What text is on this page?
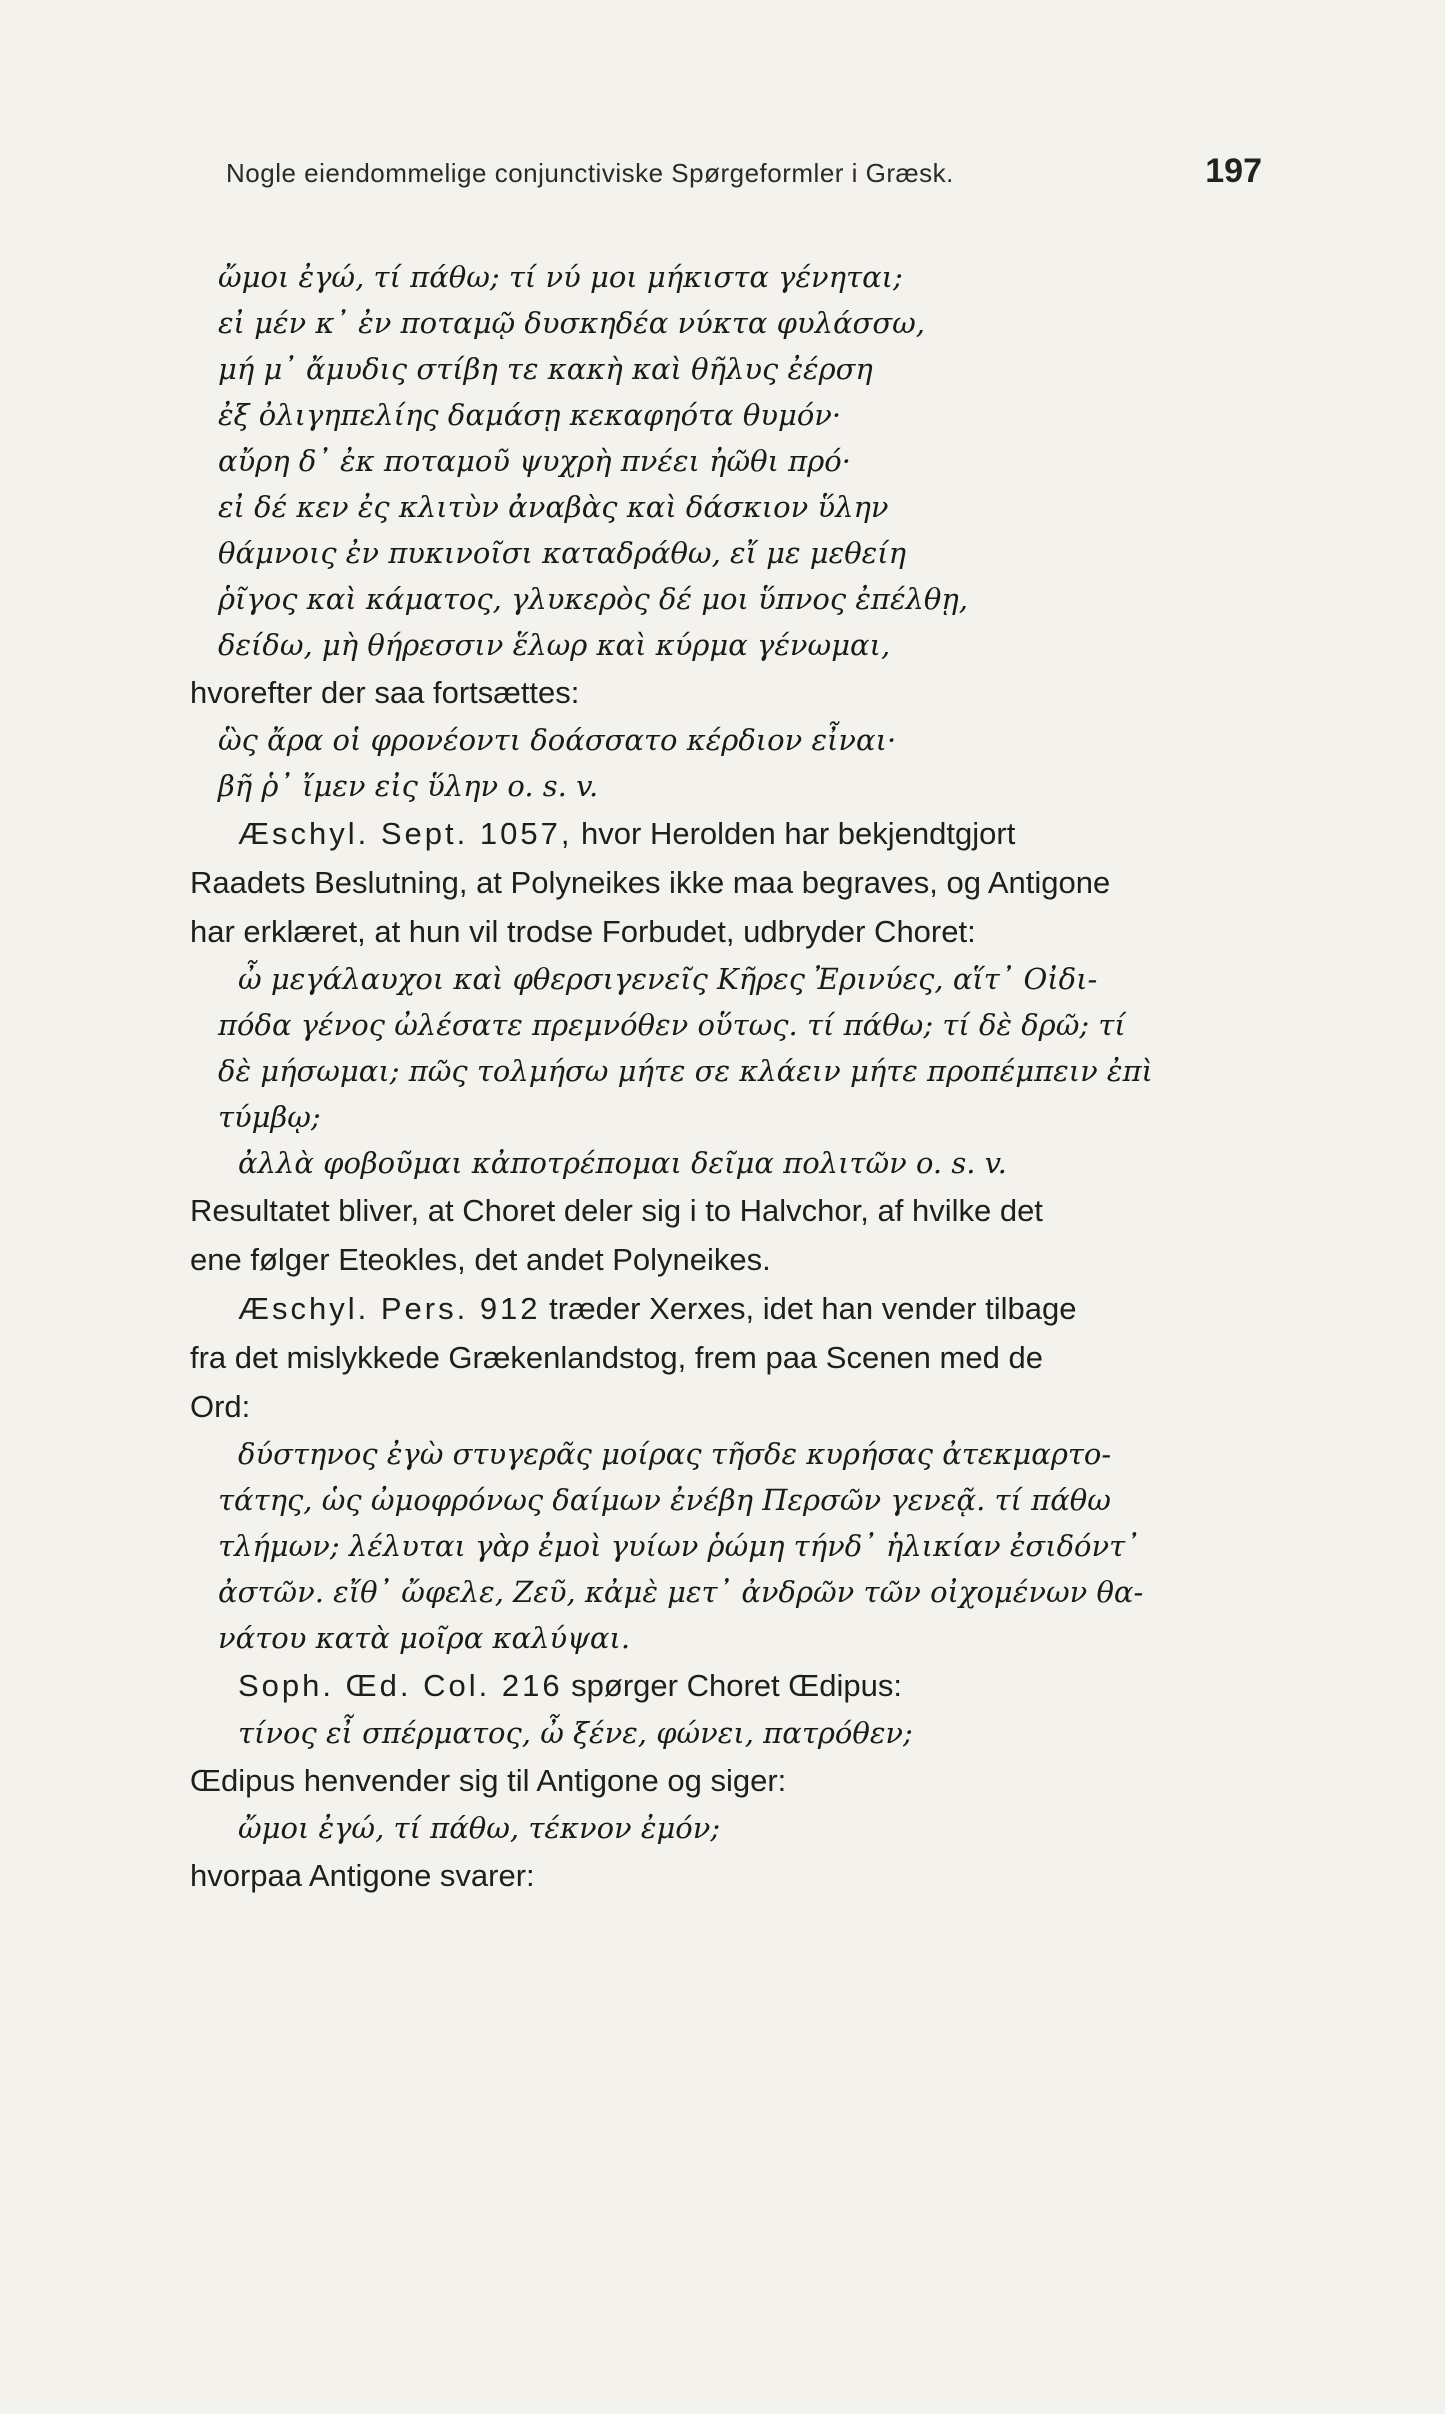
Nogle eiendommelige conjunctiviske Spørgeformler i Græsk.	197
ὤμοι ἐγώ, τί πάθω; τί νύ μοι μήκιστα γένηται;
εἰ μέν κ᾽ ἐν ποταμῷ δυσκηδέα νύκτα φυλάσσω,
μή μ᾽ ἄμυδις στίβη τε κακὴ καὶ θῆλυς ἐέρση
ἐξ ὀλιγηπελίης δαμάσῃ κεκαφηότα θυμόν·
αὔρη δ᾽ ἐκ ποταμοῦ ψυχρὴ πνέει ἠῶθι πρό·
εἰ δέ κεν ἐς κλιτὺν ἀναβὰς καὶ δάσκιον ὕλην
θάμνοις ἐν πυκινοῖσι καταδράθω, εἴ με μεθείη
ῥῖγος καὶ κάματος, γλυκερὸς δέ μοι ὕπνος ἐπέλθῃ,
δείδω, μὴ θήρεσσιν ἕλωρ καὶ κύρμα γένωμαι,
hvorefter der saa fortsættes:
ὣς ἄρα οἱ φρονέοντι δοάσσατο κέρδιον εἶναι·
βῆ ῥ᾽ ἴμεν εἰς ὕλην o. s. v.
Æschyl. Sept. 1057, hvor Herolden har bekjendtgjort
Raadets Beslutning, at Polyneikes ikke maa begraves, og Antigone
har erklæret, at hun vil trodse Forbudet, udbryder Choret:
ὦ μεγάλαυχοι καὶ φθερσιγενεῖς Κῆρες Ἐρινύες, αἵτ᾽ Οἰδι-
πόδα γένος ὠλέσατε πρεμνόθεν οὕτως. τί πάθω; τί δὲ δρῶ; τί
δὲ μήσωμαι; πῶς τολμήσω μήτε σε κλάειν μήτε προπέμπειν ἐπὶ
τύμβῳ;
ἀλλὰ φοβοῦμαι κἀποτρέπομαι δεῖμα πολιτῶν o. s. v.
Resultatet bliver, at Choret deler sig i to Halvchor, af hvilke det
ene følger Eteokles, det andet Polyneikes.
Æschyl. Pers. 912 træder Xerxes, idet han vender tilbage
fra det mislykkede Grækenlandstog, frem paa Scenen med de
Ord:
δύστηνος ἐγὼ στυγερᾶς μοίρας τῆσδε κυρήσας ἀτεκμαρτο-
τάτης, ὡς ὠμοφρόνως δαίμων ἐνέβη Περσῶν γενεᾷ. τί πάθω
τλήμων; λέλυται γὰρ ἐμοὶ γυίων ῥώμη τήνδ᾽ ἡλικίαν ἐσιδόντ᾽
ἀστῶν. εἴθ᾽ ὤφελε, Ζεῦ, κἀμὲ μετ᾽ ἀνδρῶν τῶν οἰχομένων θα-
νάτου κατὰ μοῖρα καλύψαι.
Soph. Œd. Col. 216 spørger Choret Œdipus:
τίνος εἶ σπέρματος, ὦ ξένε, φώνει, πατρόθεν;
Œdipus henvender sig til Antigone og siger:
ὤμοι ἐγώ, τί πάθω, τέκνον ἐμόν;
hvorpaa Antigone svarer:
